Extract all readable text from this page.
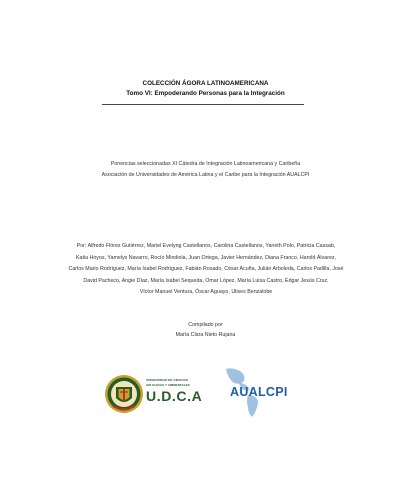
COLECCIÓN ÁGORA LATINOAMERICANA
Tomo VI: Empoderando Personas para la Integración
Ponencias seleccionadas XI Cátedra de Integración Latinoamericana y Caribeña
Asociación de Universidades de América Latina y el Caribe para la Integración AUALCPI
Por: Alfredo Flórez Gutiérrez, Mariel Evelyng Castellanos, Carolina Castellanos, Yaneth Polo, Patricia Cassab,
Katia Hoyos, Yamelys Navarro, Rocío Mindiola, Juan Ortega, Javier Hernández, Diana Franco, Harold Álvarez,
Carlos Mario Rodríguez, María Isabel Rodríguez, Fabián Rosado, César Acuña, Julián Arboleda, Carlos Padilla, José
David Pacheco, Angie Díaz, María Isabel Sequeda, Omar López, María Luisa Castro, Édgar Jesús Cruz,
Víctor Manuel Ventura, Óscar Aguayo, Ulises Benzalobe
Compilado por
María Clara Nieto Rujana
UNIVERSIDAD DE CIENCIAS
APLICADAS Y AMBIENTALES
U.D.C.A AUALCPI
